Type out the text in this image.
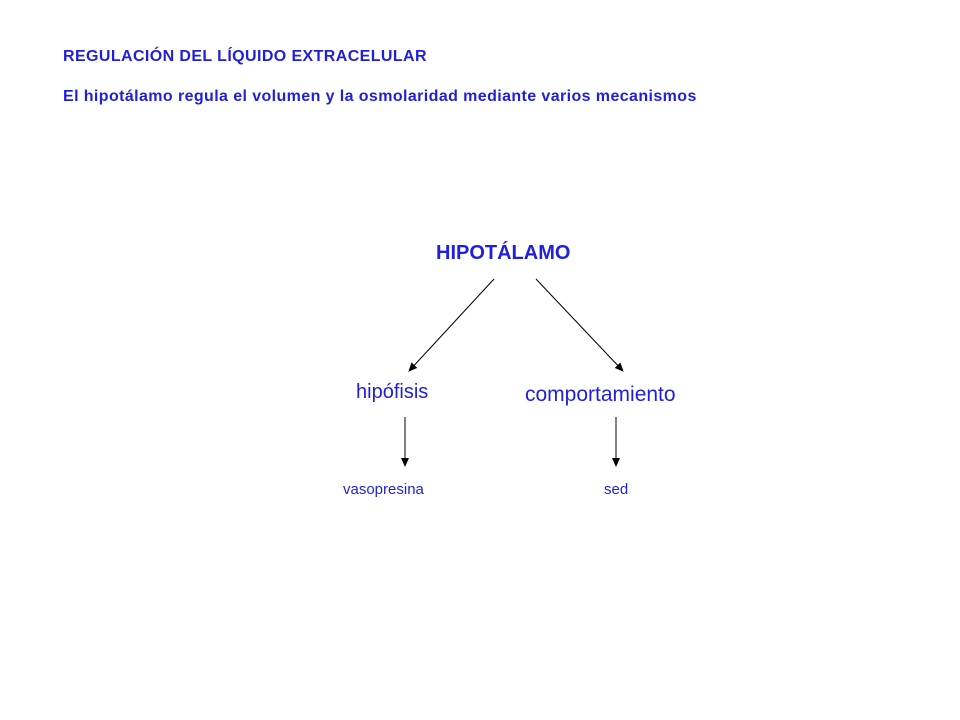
REGULACIÓN DEL LÍQUIDO EXTRACELULAR
El hipotálamo regula el volumen y la osmolaridad mediante varios mecanismos
HIPOTÁLAMO
hipófisis	comportamiento
vasopresina	sed
